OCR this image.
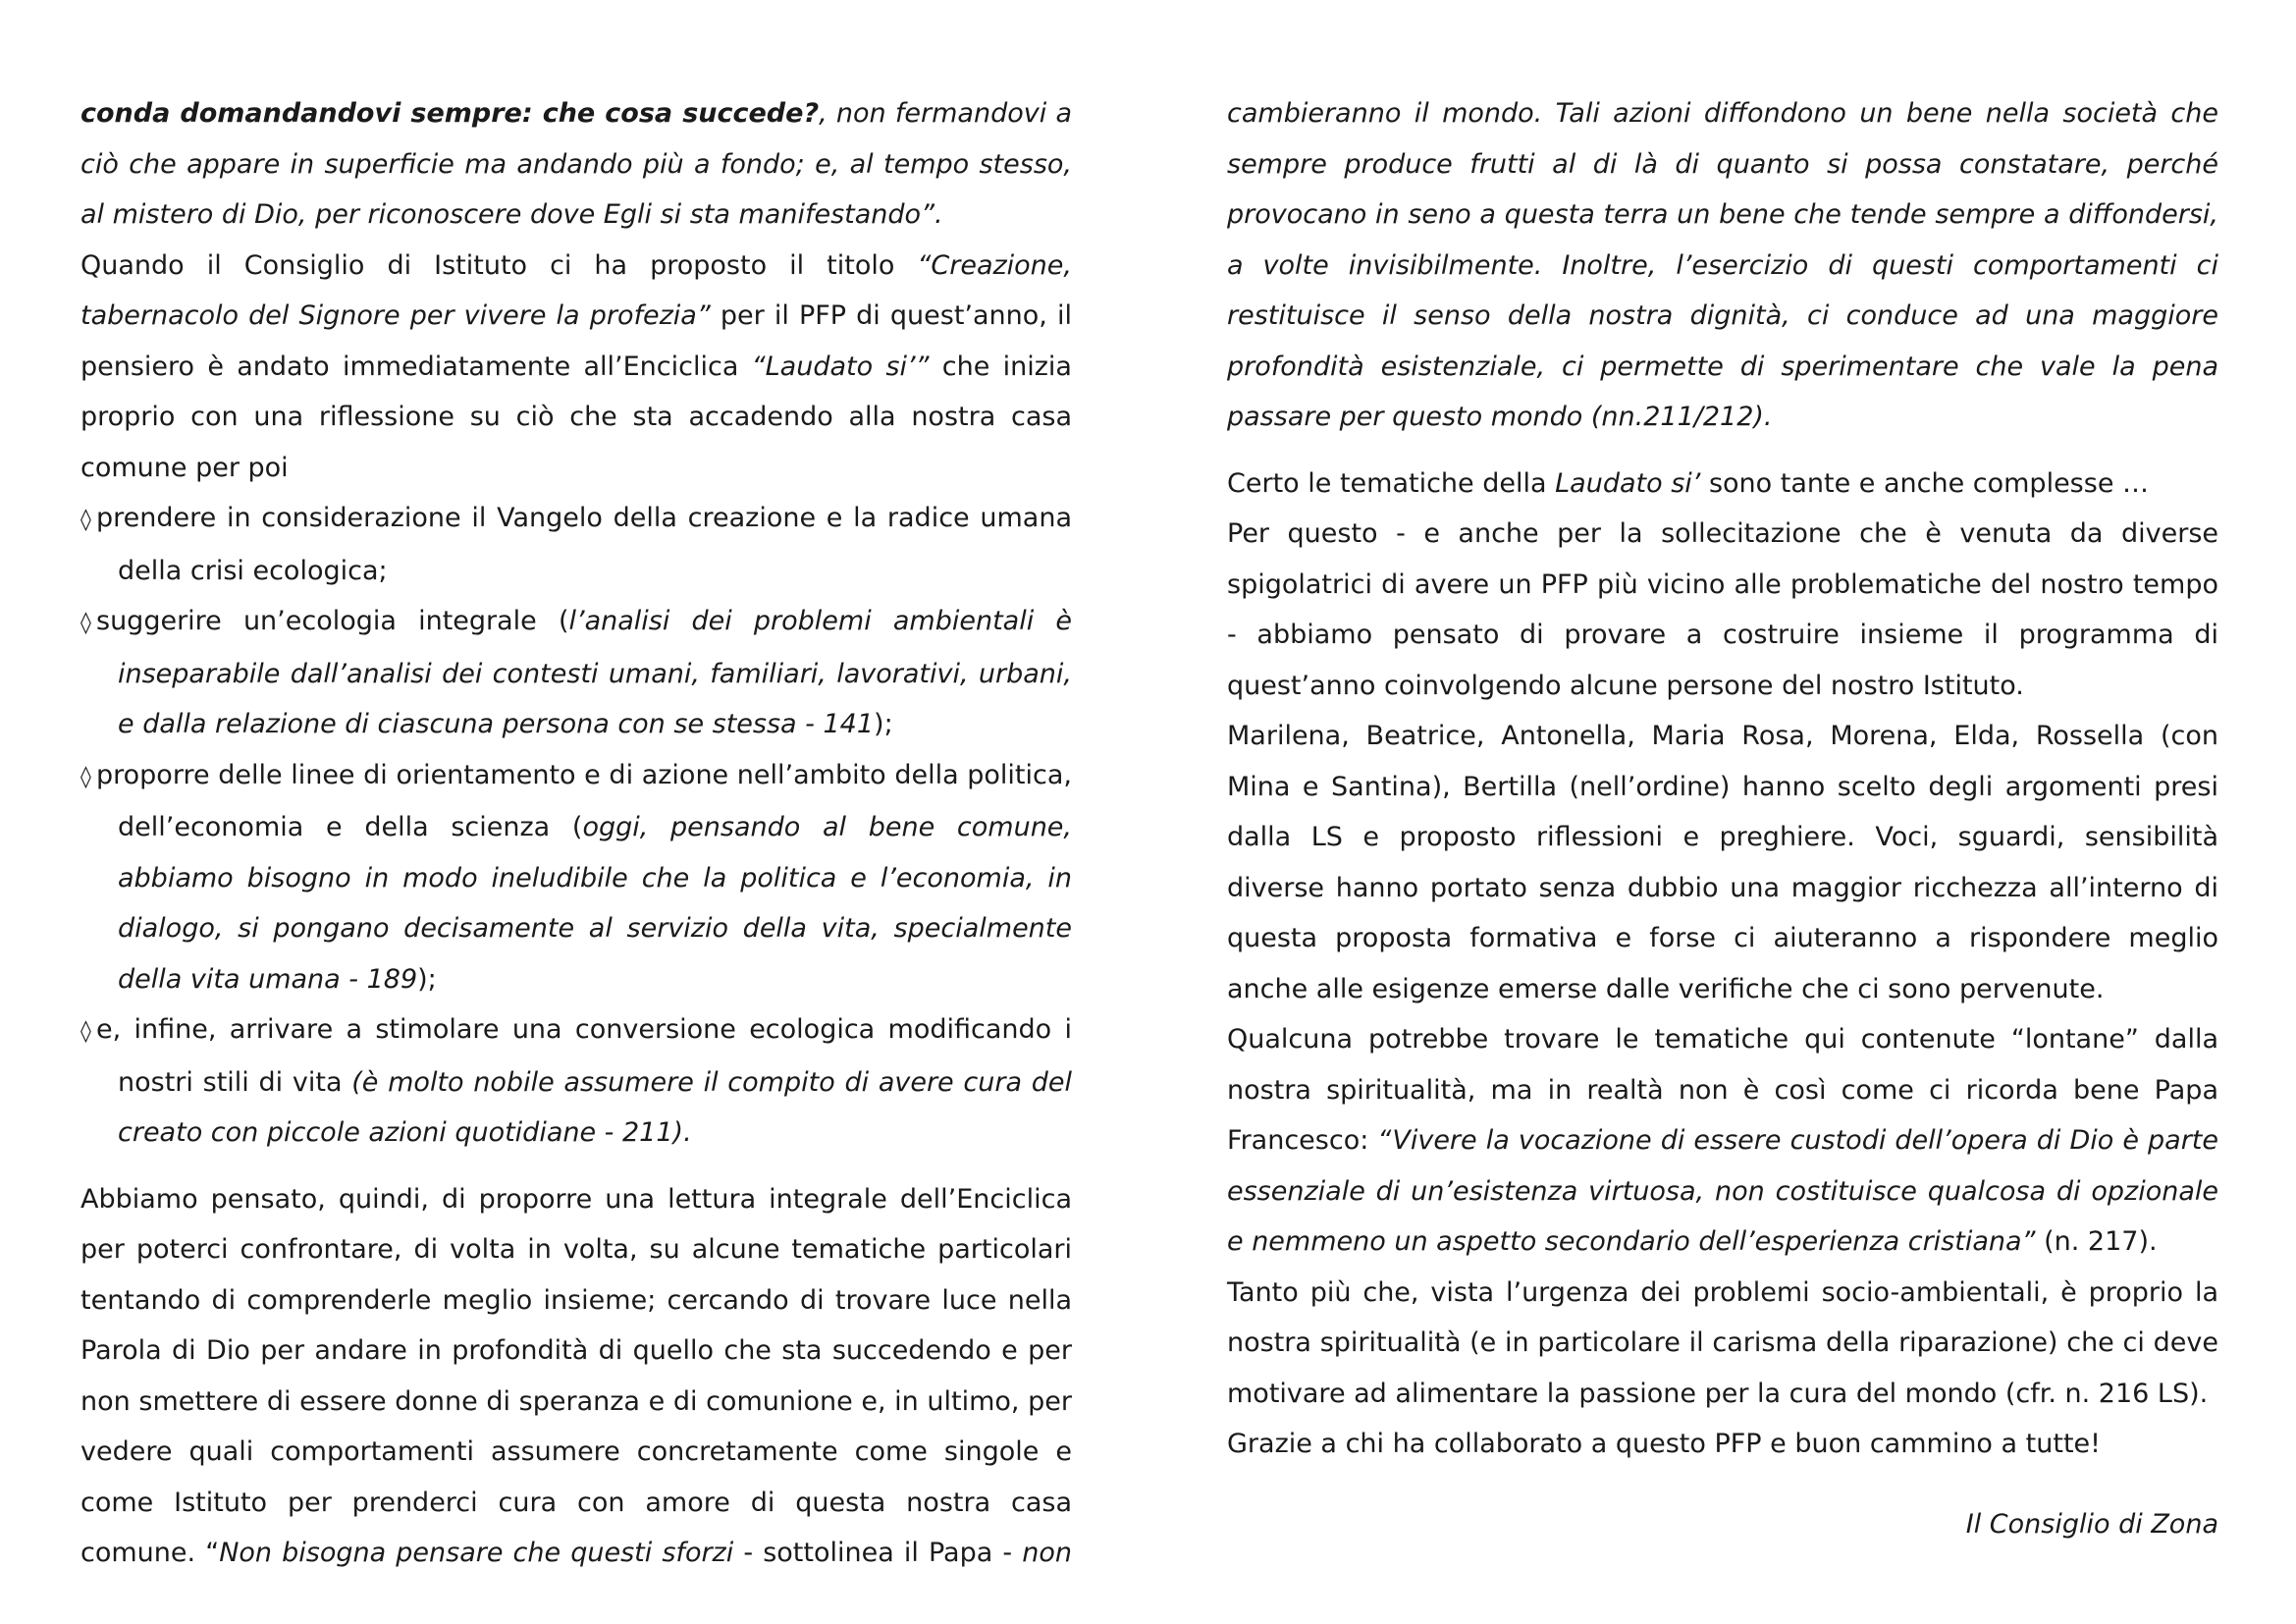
conda domandandovi sempre: che cosa succede?, non fermandovi a ciò che appare in superficie ma andando più a fondo; e, al tempo stesso, al mistero di Dio, per riconoscere dove Egli si sta manifestando”.

Quando il Consiglio di Istituto ci ha proposto il titolo “Creazione, tabernacolo del Signore per vivere la profezia” per il PFP di quest’anno, il pensiero è andato immediatamente all’Enciclica “Laudato si’” che inizia proprio con una riflessione su ciò che sta accadendo alla nostra casa comune per poi

◊ prendere in considerazione il Vangelo della creazione e la radice umana della crisi ecologica;

◊ suggerire un’ecologia integrale (l’analisi dei problemi ambientali è inseparabile dall’analisi dei contesti umani, familiari, lavorativi, urbani, e dalla relazione di ciascuna persona con se stessa - 141);

◊ proporre delle linee di orientamento e di azione nell’ambito della politica, dell’economia e della scienza (oggi, pensando al bene comune, abbiamo bisogno in modo ineludibile che la politica e l’economia, in dialogo, si pongano decisamente al servizio della vita, specialmente della vita umana - 189);

◊ e, infine, arrivare a stimolare una conversione ecologica modificando i nostri stili di vita (è molto nobile assumere il compito di avere cura del creato con piccole azioni quotidiane - 211).

Abbiamo pensato, quindi, di proporre una lettura integrale dell’Enciclica per poterci confrontare, di volta in volta, su alcune tematiche particolari tentando di comprenderle meglio insieme; cercando di trovare luce nella Parola di Dio per andare in profondità di quello che sta succedendo e per non smettere di essere donne di speranza e di comunione e, in ultimo, per vedere quali comportamenti assumere concretamente come singole e come Istituto per prenderci cura con amore di questa nostra casa comune. “Non bisogna pensare che questi sforzi - sottolinea il Papa - non

cambieranno il mondo. Tali azioni diffondono un bene nella società che sempre produce frutti al di là di quanto si possa constatare, perché provocano in seno a questa terra un bene che tende sempre a diffondersi, a volte invisibilmente. Inoltre, l’esercizio di questi comportamenti ci restituisce il senso della nostra dignità, ci conduce ad una maggiore profondità esistenziale, ci permette di sperimentare che vale la pena passare per questo mondo (nn.211/212).

Certo le tematiche della Laudato si’ sono tante e anche complesse …

Per questo - e anche per la sollecitazione che è venuta da diverse spigolatrici di avere un PFP più vicino alle problematiche del nostro tempo - abbiamo pensato di provare a costruire insieme il programma di quest’anno coinvolgendo alcune persone del nostro Istituto.

Marilena, Beatrice, Antonella, Maria Rosa, Morena, Elda, Rossella (con Mina e Santina), Bertilla (nell’ordine) hanno scelto degli argomenti presi dalla LS e proposto riflessioni e preghiere. Voci, sguardi, sensibilità diverse hanno portato senza dubbio una maggior ricchezza all’interno di questa proposta formativa e forse ci aiuteranno a rispondere meglio anche alle esigenze emerse dalle verifiche che ci sono pervenute.

Qualcuna potrebbe trovare le tematiche qui contenute “lontane” dalla nostra spiritualità, ma in realtà non è così come ci ricorda bene Papa Francesco: “Vivere la vocazione di essere custodi dell’opera di Dio è parte essenziale di un’esistenza virtuosa, non costituisce qualcosa di opzionale e nemmeno un aspetto secondario dell’esperienza cristiana” (n. 217).

Tanto più che, vista l’urgenza dei problemi socio-ambientali, è proprio la nostra spiritualità (e in particolare il carisma della riparazione) che ci deve motivare ad alimentare la passione per la cura del mondo (cfr. n. 216 LS).

Grazie a chi ha collaborato a questo PFP e buon cammino a tutte!

Il Consiglio di Zona
